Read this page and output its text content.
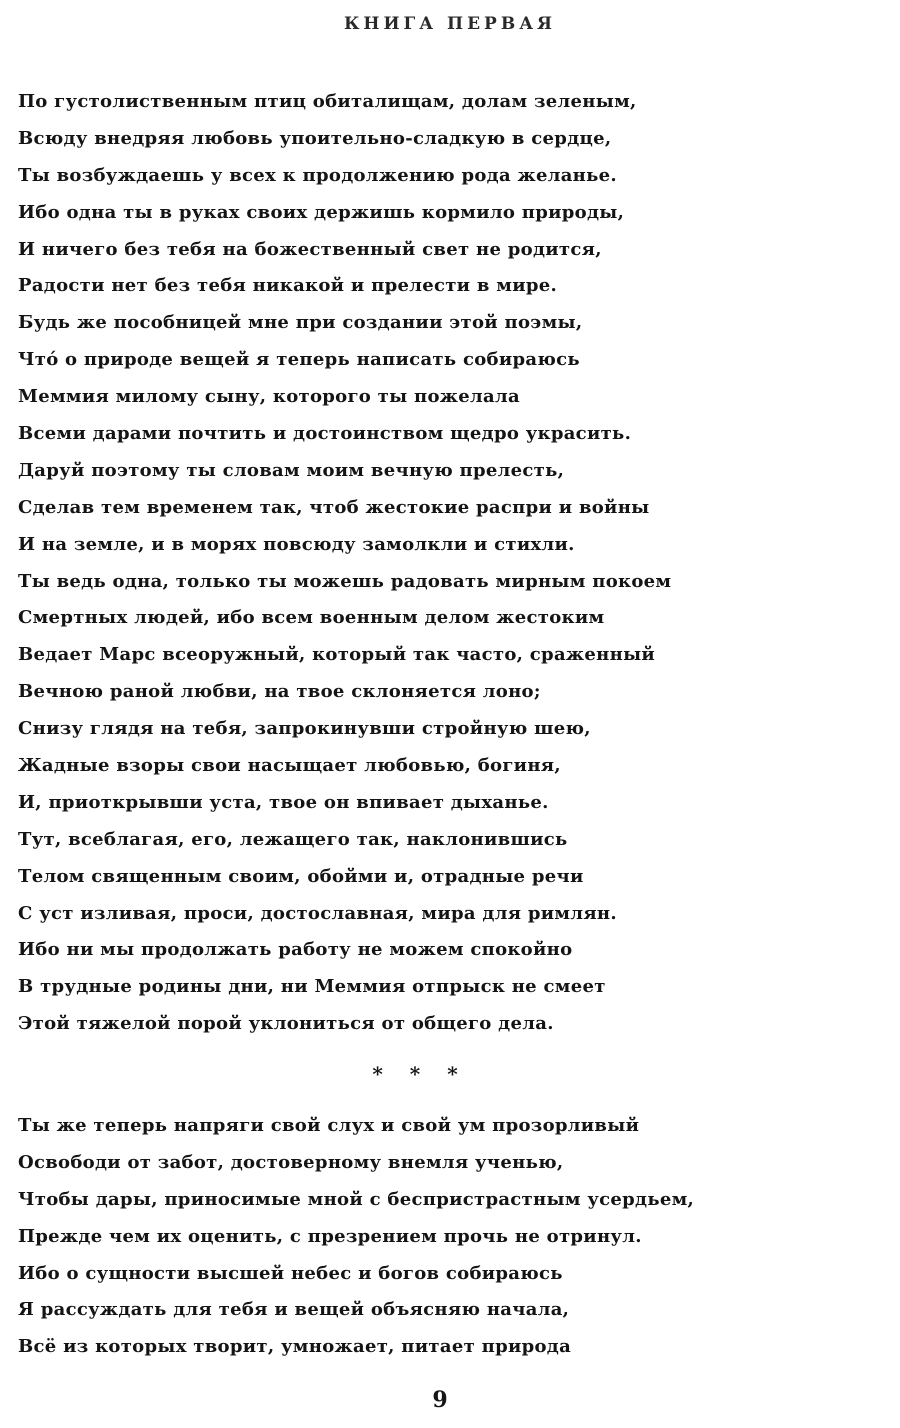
КНИГА ПЕРВАЯ
По густолиственным птиц обиталищам, долам зеленым,
Всюду внедряя любовь упоительно-сладкую в сердце,
Ты возбуждаешь у всех к продолжению рода желанье.
Ибо одна ты в руках своих держишь кормило природы,
И ничего без тебя на божественный свет не родится,
Радости нет без тебя никакой и прелести в мире.
Будь же пособницей мне при создании этой поэмы,
Что́ о природе вещей я теперь написать собираюсь
Меммия милому сыну, которого ты пожелала
Всеми дарами почтить и достоинством щедро украсить.
Даруй поэтому ты словам моим вечную прелесть,
Сделав тем временем так, чтоб жестокие распри и войны
И на земле, и в морях повсюду замолкли и стихли.
Ты ведь одна, только ты можешь радовать мирным покоем
Смертных людей, ибо всем военным делом жестоким
Ведает Марс всеоружный, который так часто, сраженный
Вечною раной любви, на твое склоняется лоно;
Снизу глядя на тебя, запрокинувши стройную шею,
Жадные взоры свои насыщает любовью, богиня,
И, приоткрывши уста, твое он впивает дыханье.
Тут, всеблагая, его, лежащего так, наклонившись
Телом священным своим, обойми и, отрадные речи
С уст изливая, проси, достославная, мира для римлян.
Ибо ни мы продолжать работу не можем спокойно
В трудные родины дни, ни Меммия отпрыск не смеет
Этой тяжелой порой уклониться от общего дела.
* * *
Ты же теперь напряги свой слух и свой ум прозорливый
Освободи от забот, достоверному внемля ученью,
Чтобы дары, приносимые мной с беспристрастным усердьем,
Прежде чем их оценить, с презрением прочь не отринул.
Ибо о сущности высшей небес и богов собираюсь
Я рассуждать для тебя и вещей объясняю начала,
Всё из которых творит, умножает, питает природа
9
